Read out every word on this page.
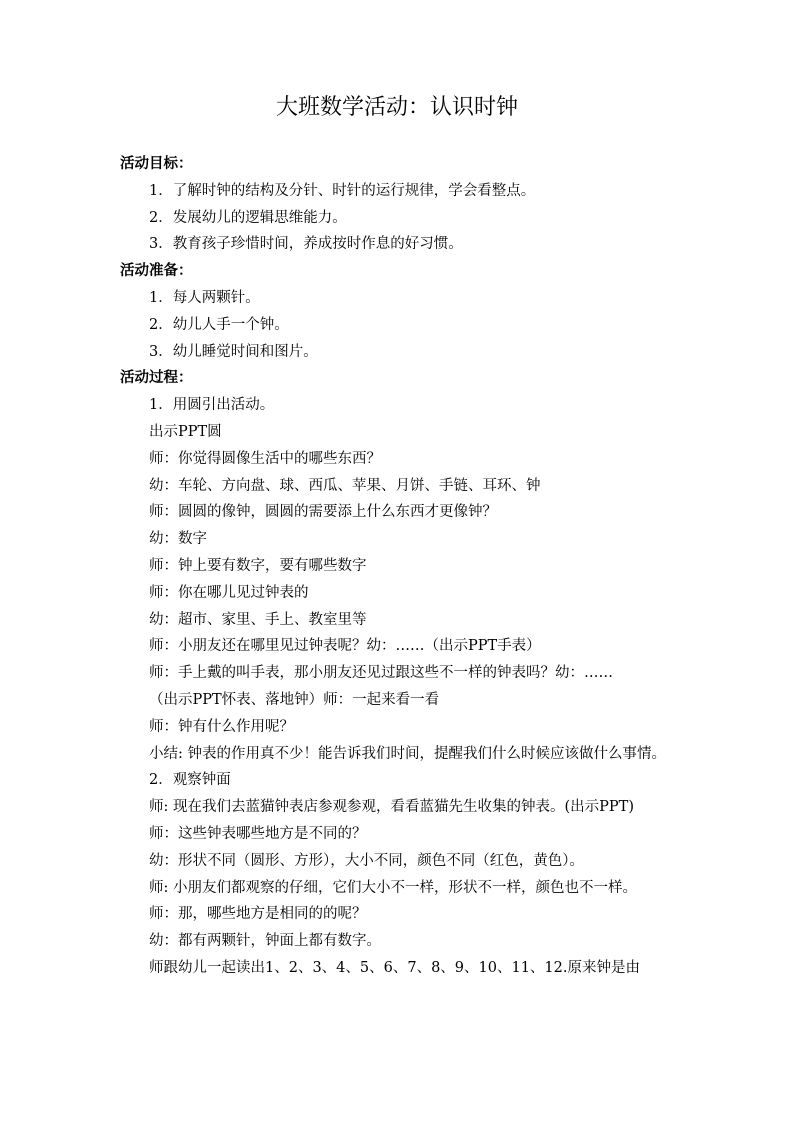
大班数学活动：认识时钟

活动目标：

1．了解时钟的结构及分针、时针的运行规律，学会看整点。

2．发展幼儿的逻辑思维能力。

3．教育孩子珍惜时间，养成按时作息的好习惯。

活动准备：

1．每人两颗针。

2．幼儿人手一个钟。

3．幼儿睡觉时间和图片。

活动过程：

1．用圆引出活动。

出示PPT圆

师：你觉得圆像生活中的哪些东西？

幼：车轮、方向盘、球、西瓜、苹果、月饼、手链、耳环、钟

师：圆圆的像钟，圆圆的需要添上什么东西才更像钟？

幼：数字

师：钟上要有数字，要有哪些数字

师：你在哪儿见过钟表的

幼：超市、家里、手上、教室里等

师：小朋友还在哪里见过钟表呢？幼：……（出示PPT手表）

师：手上戴的叫手表，那小朋友还见过跟这些不一样的钟表吗？幼：……

（出示PPT怀表、落地钟）师：一起来看一看

师：钟有什么作用呢？

小结: 钟表的作用真不少！能告诉我们时间，提醒我们什么时候应该做什么事情。

2．观察钟面

师: 现在我们去蓝猫钟表店参观参观，看看蓝猫先生收集的钟表。(出示PPT)

师：这些钟表哪些地方是不同的？

幼：形状不同（圆形、方形），大小不同，颜色不同（红色，黄色）。

师: 小朋友们都观察的仔细，它们大小不一样，形状不一样，颜色也不一样。

师：那，哪些地方是相同的的呢？

幼：都有两颗针，钟面上都有数字。

师跟幼儿一起读出1、2、3、4、5、6、7、8、9、10、11、12.原来钟是由
